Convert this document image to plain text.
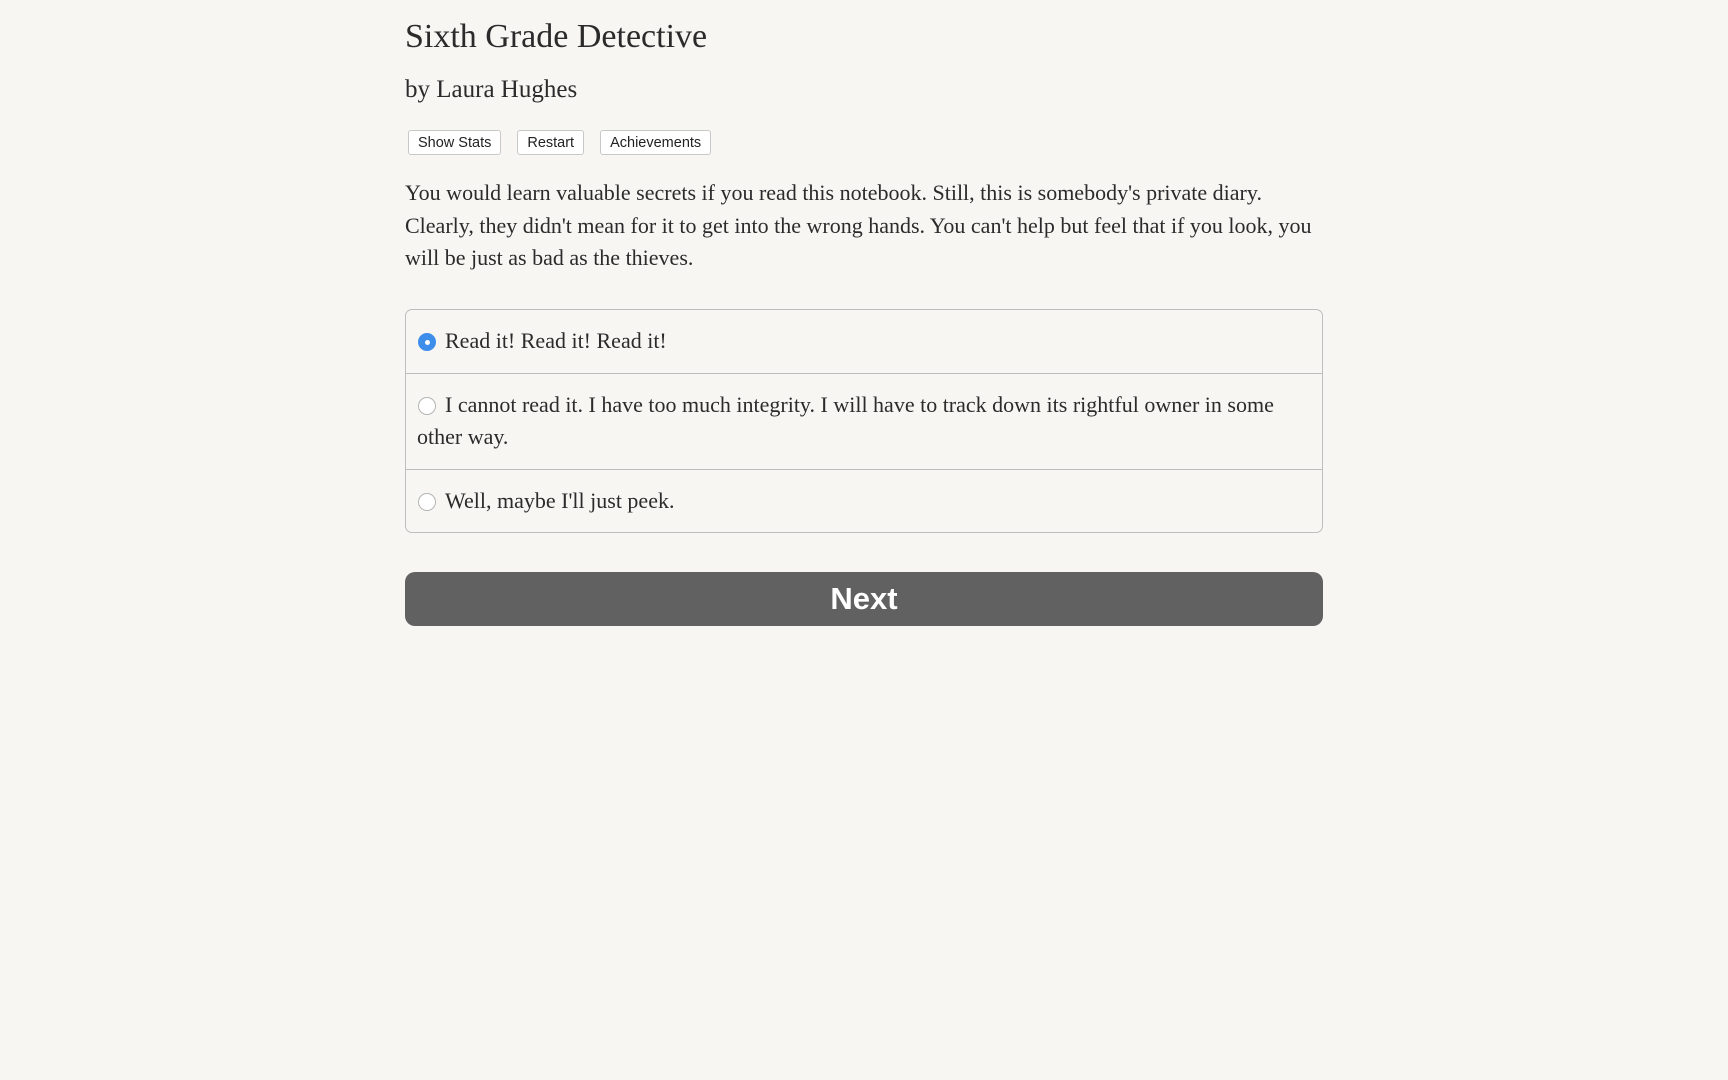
Sixth Grade Detective
by Laura Hughes
Show Stats	Restart	Achievements

You would learn valuable secrets if you read this notebook. Still, this is somebody's private diary. Clearly, they didn't mean for it to get into the wrong hands. You can't help but feel that if you look, you will be just as bad as the thieves.

Read it! Read it! Read it!
I cannot read it. I have too much integrity. I will have to track down its rightful owner in some other way.
Well, maybe I'll just peek.
Next
